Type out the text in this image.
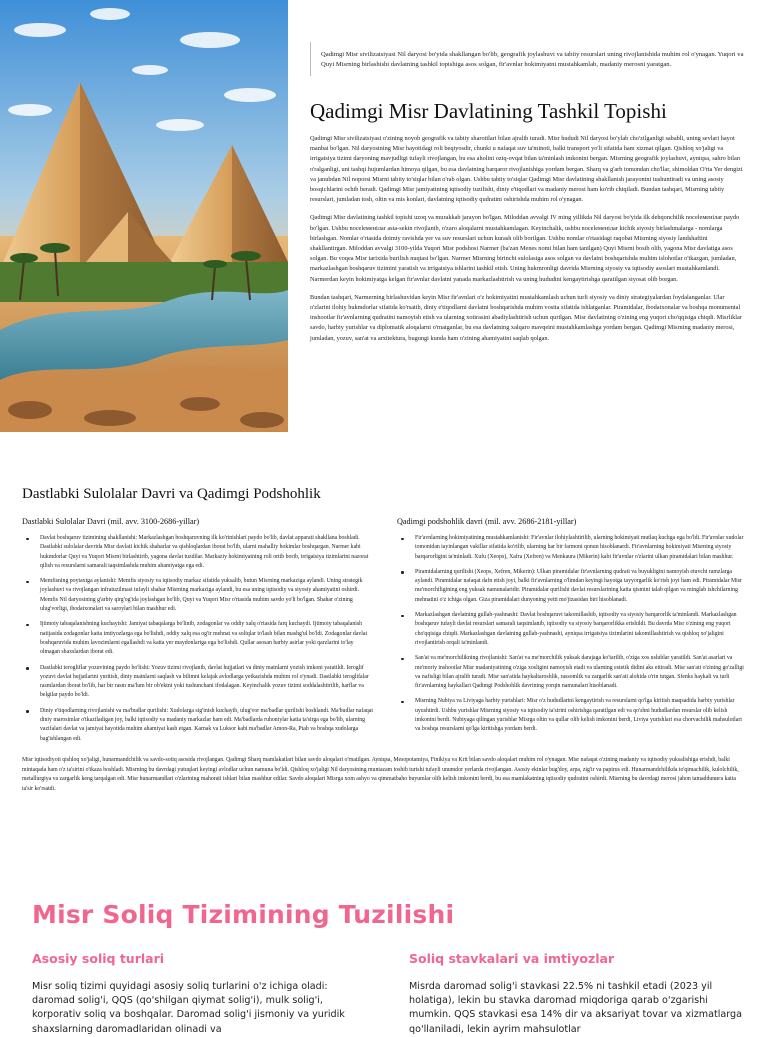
Qadimgi Misr sivilizatsiyasi Nil daryosi bo'yida shakllangan bo'lib, geografik joylashuvi va tabiiy resurslari uning rivojlanishida muhim rol o'ynagan. Yuqori va Quyi Misrning birlashishi davlatning tashkil topishiga asos solgan, fir'avnlar hokimiyatni mustahkamlab, madaniy merosni yaratgan.
Qadimgi Misr Davlatining Tashkil Topishi

Qadimgi Misr sivilizatsiyasi o'zining noyob geografik va tabiiy sharoitlari bilan ajralib turadi. Misr hududi Nil daryosi bo'ylab cho'zilganligi sababli, uning sevlari hayot manbai bo'lgan. Nil daryosining Misr hayotidagi roli beqiyosdir, chunki u nafaqat suv ta'minoti, balki transport yo'li sifatida ham xizmat qilgan. Qishloq xo'jaligi va irrigatsiya tizimi daryoning mavjudligi tufayli rivojlangan, bu esa aholini oziq-ovqat bilan ta'minlash imkonini bergan. Misrning geografik joylashuvi, ayniqsa, sahro bilan o'ralganligi, uni tashqi hujumlardan himoya qilgan, bu esa davlatning barqaror rivojlanishiga yordam bergan. Sharq va g'arb tomondan cho'llar, shimoldan O'rta Yer dengizi va janubdan Nil noporsi Misrni tabiiy to'siqlar bilan o'rab olgan. Ushbu tabiiy to'siqlar Qadimgi Misr davlatining shakllanish jarayonini tushuntiradi va uning asosiy bosqichlarini ochib beradi. Qadimgi Misr jamiyatining iqtisodiy tuzilishi, diniy e'tiqodlari va madaniy merosi ham ko'rib chiqiladi. Bundan tashqari, Misrning tabiiy resurslari, jumladan tosh, oltin va mis konlari, davlatning iqtisodiy qudratini oshirishda muhim rol o'ynagan.

Qadimgi Misr davlatining tashkil topishi uzoq va murakkab jarayon bo'lgan. Miloddan avvalgi IV ming yillikda Nil daryosi bo'yida ilk dehqonchilik nocеleменiлar paydo bo'lgan. Ushbu nocеleменiлar asta-sekin rivojlanib, o'zaro aloqalarni mustahkamlagan. Keyinchalik, ushbu nocеleменiлar kichik siyosiy birlashmalarga - nomlarga birlashgan. Nomlar o'rtasida doimiy ravishda yer va suv resurslari uchun kurash olib borilgan. Ushbu nomlar o'rtasidagi raqobat Misrning siyosiy landshaftini shakllantirgan. Miloddan avvalgi 3100-yilda Yuqori Misr podshosi Narmer (ba'zan Menes nomi bilan ham tanilgan) Quyi Misrni bosib olib, yagona Misr davlatiga asos solgan. Bu voqea Misr tarixida burilish nuqtasi bo'lgan. Narmer Misrning birinchi sulolasiga asos solgan va davlatni boshqarishda muhim islohotlar o'tkazgan, jumladan, markazlashgan boshqaruv tizimini yaratish va irrigatsiya ishlarini tashkil etish. Uning hukmronligi davrida Misrning siyosiy va iqtisodiy asoslari mustahkamlandi. Narmerdan keyin hokimiyatga kelgan fir'avnlar davlatni yanada markazlashtirish va uning hududini kengaytirishga qaratilgan siyosat olib borgan.

Bundan tashqari, Narmerning birlashuvidan keyin Misr fir'avnlari o'z hokimiyatini mustahkamlash uchun turli siyosiy va diniy strategiyalardan foydalanganlar. Ular o'zlarini ilohiy hukmdorlar sifatida ko'rsatib, diniy e'tiqodlarni davlatni boshqarishda muhim vosita sifatida ishlatganlar. Piramidalar, ibodatxonalar va boshqa monumental inshootlar fir'avnlarning qudratini namoyish etish va ularning xotirasini abadiylashtirish uchun qurilgan. Misr davlatining o'zining eng yuqori cho'qqisiga chiqdi. Misrliklar savdo, harbiy yurishlar va diplomatik aloqalarni o'rnatganlar, bu esa davlatning xalqaro mavqeini mustahkamlashga yordam bergan. Qadimgi Misrning madaniy merosi, jumladan, yozuv, san'at va arxitektura, bugungi kunda ham o'zining ahamiyatini saqlab qolgan.

Dastlabki Sulolalar Davri va Qadimgi Podshohlik
Dastlabki Sulolalar Davri (mil. avv. 3100-2686-yillar)
Davlat boshqaruv tizimining shakllanishi: Markazlashgan boshqaruvning ilk ko'rinishlari paydo bo'lib, davlat apparati shakllana boshladi. Dastlabki sulolalar davrida Misr davlati kichik shaharlar va qishloqlardan iborat bo'lib, ularni mahalliy hokimlar boshqargan. Narmer kabi hukmdorlar Quyi va Yuqori Misrni birlashtirib, yagona davlat tuzdilar. Markaziy hokimiyatning roli ortib borib, irrigatsiya tizimlarini nazorat qilish va resurslarni samarali taqsimlashda muhim ahamiyatga ega edi.
Memfisning poytaxtga aylanishi: Memfis siyosiy va iqtisodiy markaz sifatida yuksalib, butun Misrning markaziga aylandi. Uning strategik joylashuvi va rivojlangan infratuzilmasi tufayli shahar Misrning markaziga aylandi, bu esa uning iqtisodiy va siyosiy ahamiyatini oshirdi. Memfis Nil daryosining g'arbiy qirg'og'ida joylashgan bo'lib, Quyi va Yuqori Misr o'rtasida muhim savdo yo'li bo'lgan. Shahar o'zining ulug'vorligi, ibodatxonalari va saroylari bilan mashhur edi.
Ijtimoiy tabaqalanishning kuchayishi: Jamiyat tabaqalarga bo'linib, zodagonlar va oddiy xalq o'rtasida farq kuchaydi. Ijtimoiy tabaqalanish natijasida zodagonlar katta imtiyozlarga ega bo'lishdi, oddiy xalq esa og'ir mehnat va soliqlar to'lash bilan mashg'ul bo'ldi. Zodagonlar davlat boshqaruvida muhim lavozimlarni egallashdi va katta yer maydonlariga ega bo'lishdi. Qullar asosan harbiy asirlar yoki qarzlarini to'lay olmagan shaxslardan iborat edi.
Dastlabki ierogliflar yozuvining paydo bo'lishi: Yozuv tizimi rivojlanib, davlat hujjatlari va diniy matnlarni yozish imkoni yaratildi. Ieroglif yozuvi davlat hujjatlarini yuritish, diniy matnlarni saqlash va bilimni kelajak avlodlarga yetkazishda muhim rol o'ynadi. Dastlabki ieroglifalar rasmlardan iborat bo'lib, har bir rasm ma'lum bir ob'ektni yoki tushunchani ifodalagan. Keyinchalik yozuv tizimi soddalashtirilib, harflar va belgilar paydo bo'ldi.
Diniy e'tiqodlarning rivojlanishi va ma'budlar qurilishi: Xudolarga sig'inish kuchayib, ulug'vor ma'badlar qurilishi boshlandi. Ma'budlar nafaqat diniy marosimlar o'tkaziladigan joy, balki iqtisodiy va madaniy markazlar ham edi. Ma'badlarda ruhoniylar katta ta'sirga ega bo'lib, ularning vazifalari davlat va jamiyat hayotida muhim ahamiyat kasb etgan. Karnak va Luksor kabi ma'badlar Amon-Ra, Ptah va boshqa xudolarga bag'ishlangan edi.
Qadimgi podshohlik davri (mil. avv. 2686-2181-yillar)
Fir'avnlarning hokimiyatining mustahkamlanishi: Fir'avnlar ilohiylashtirilib, ularning hokimiyati mutlaq kuchga ega bo'ldi. Fir'avnlar xudolar tomonidan tayinlangan vakillar sifatida ko'rilib, ularning har bir farmoni qonun hisoblanardi. Fir'avnlarning hokimiyati Misrning siyosiy barqarorligini ta'minladi. Xufu (Xeops), Xafra (Xefren) va Menkaura (Mikerin) kabi fir'avnlar o'zlarini ulkan piramidalari bilan mashhur.
Piramidalarning qurilishi (Xeops, Xefren, Mikerin): Ulkan piramidalar fir'avnlarning qudrati va buyukligini namoyish etuvchi ramzlarga aylandi. Piramidalar nafaqat dafn etish joyi, balki fir'avnlarning o'limdan keyingi hayotga tayyorgarlik ko'rish joyi ham edi. Piramidalar Misr me'morchiligining eng yuksak namunalaridir. Piramidalar qurilishi davlat resurslarining katta qismini talab qilgan va minglab ishchilarning mehnatini o'z ichiga olgan. Giza piramidalari dunyoning yetti mo'jizasidan biri hisoblanadi.
Markazlashgan davlatning gullab-yashnashi: Davlat boshqaruvi takomillashib, iqtisodiy va siyosiy barqarorlik ta'minlandi. Markazlashgan boshqaruv tufayli davlat resurslari samarali taqsimlanib, iqtisodiy va siyosiy barqarorlikka erishildi. Bu davrda Misr o'zining eng yuqori cho'qqisiga chiqdi. Markazlashgan davlatning gullab-yashnashi, ayniqsa irrigatsiya tizimlarini takomillashtirish va qishloq xo'jaligini rivojlantirish orqali ta'minlandi.
San'at va me'morchilikning rivojlanishi: San'at va me'morchilik yuksak darajaga ko'tarilib, o'ziga xos uslublar yaratildi. San'at asarlari va me'moriy inshootlar Misr madaniyatining o'ziga xosligini namoyish etadi va ularning estetik didini aks ettiradi. Misr san'ati o'zining go'zalligi va nafisligi bilan ajralib turadi. Misr san'atida haykaltaroshlik, rassomlik va zargarlik san'ati alohida o'rin tutgan. Sfenks haykali va turli fir'avnlarning haykallari Qadimgi Podshohlik davrining yorqin namunalari hisoblanadi.
Misrning Nubiya va Liviyaga harbiy yurishlari: Misr o'z hududlarini kengaytirish va resurslarni qo'lga kiritish maqsadida harbiy yurishlar uyushtirdi. Ushbu yurishlar Misrning siyosiy va iqtisodiy ta'sirini oshirishga qaratilgan edi va qo'shni hududlardan resurslar olib kelish imkonini berdi. Nubiyaga qilingan yurishlar Misrga oltin va qullar olib kelish imkonini berdi, Liviya yurishlari esa chorvachilik mahsulotlari va boshqa resurslarni qo'lga kiritishga yordam berdi.

Misr iqtisodiyoti qishloq xo'jaligi, hunarmandchilik va savdo-sotiq asosida rivojlangan. Qadimgi Sharq mamlakatlari bilan savdo aloqalari o'rnatilgan. Ayniqsa, Mesopotamiya, Finikiya va Krit bilan savdo aloqalari muhim rol o'ynagan. Misr nafaqat o'zining madaniy va iqtisodiy yuksalishiga erishdi, balki mintaqada ham o'z ta'sirini o'tkaza boshladi. Misrning bu davrdagi yutuqlari keyingi avlodlar uchun namuna bo'ldi. Qishloq xo'jaligi Nil daryosining muntazam toshib turishi tufayli unumdor yerlarda rivojlangan. Asosiy ekinlar bug'doy, arpa, zig'ir va papirus edi. Hunarmandchilikda to'qimachilik, kulolchilik, metallurgiya va zargarlik keng tarqalgan edi. Misr hunarmandlari o'zlarining mahorati ishlari bilan mashhur edilar. Savdo aloqalari Misrga xom ashyo va qimmatbaho buyumlar olib kelish imkonini berdi, bu esa mamlakatning iqtisodiy qudratini oshirdi. Misrning bu davrdagi merosi jahon tamaddunига katta ta'sir ko'rsatdi.

Misr Soliq Tizimining Tuzilishi
Asosiy soliq turlari

Misr soliq tizimi quyidagi asosiy soliq turlarini o'z ichiga oladi: daromad solig'i, QQS (qo'shilgan qiymat solig'i), mulk solig'i, korporativ soliq va boshqalar. Daromad solig'i jismoniy va yuridik shaxslarning daromadlaridan olinadi va

Soliq stavkalari va imtiyozlar

Misrda daromad solig'i stavkasi 22.5% ni tashkil etadi (2023 yil holatiga), lekin bu stavka daromad miqdoriga qarab o'zgarishi mumkin. QQS stavkasi esa 14% dir va aksariyat tovar va xizmatlarga qo'llaniladi, lekin ayrim mahsulotlar
